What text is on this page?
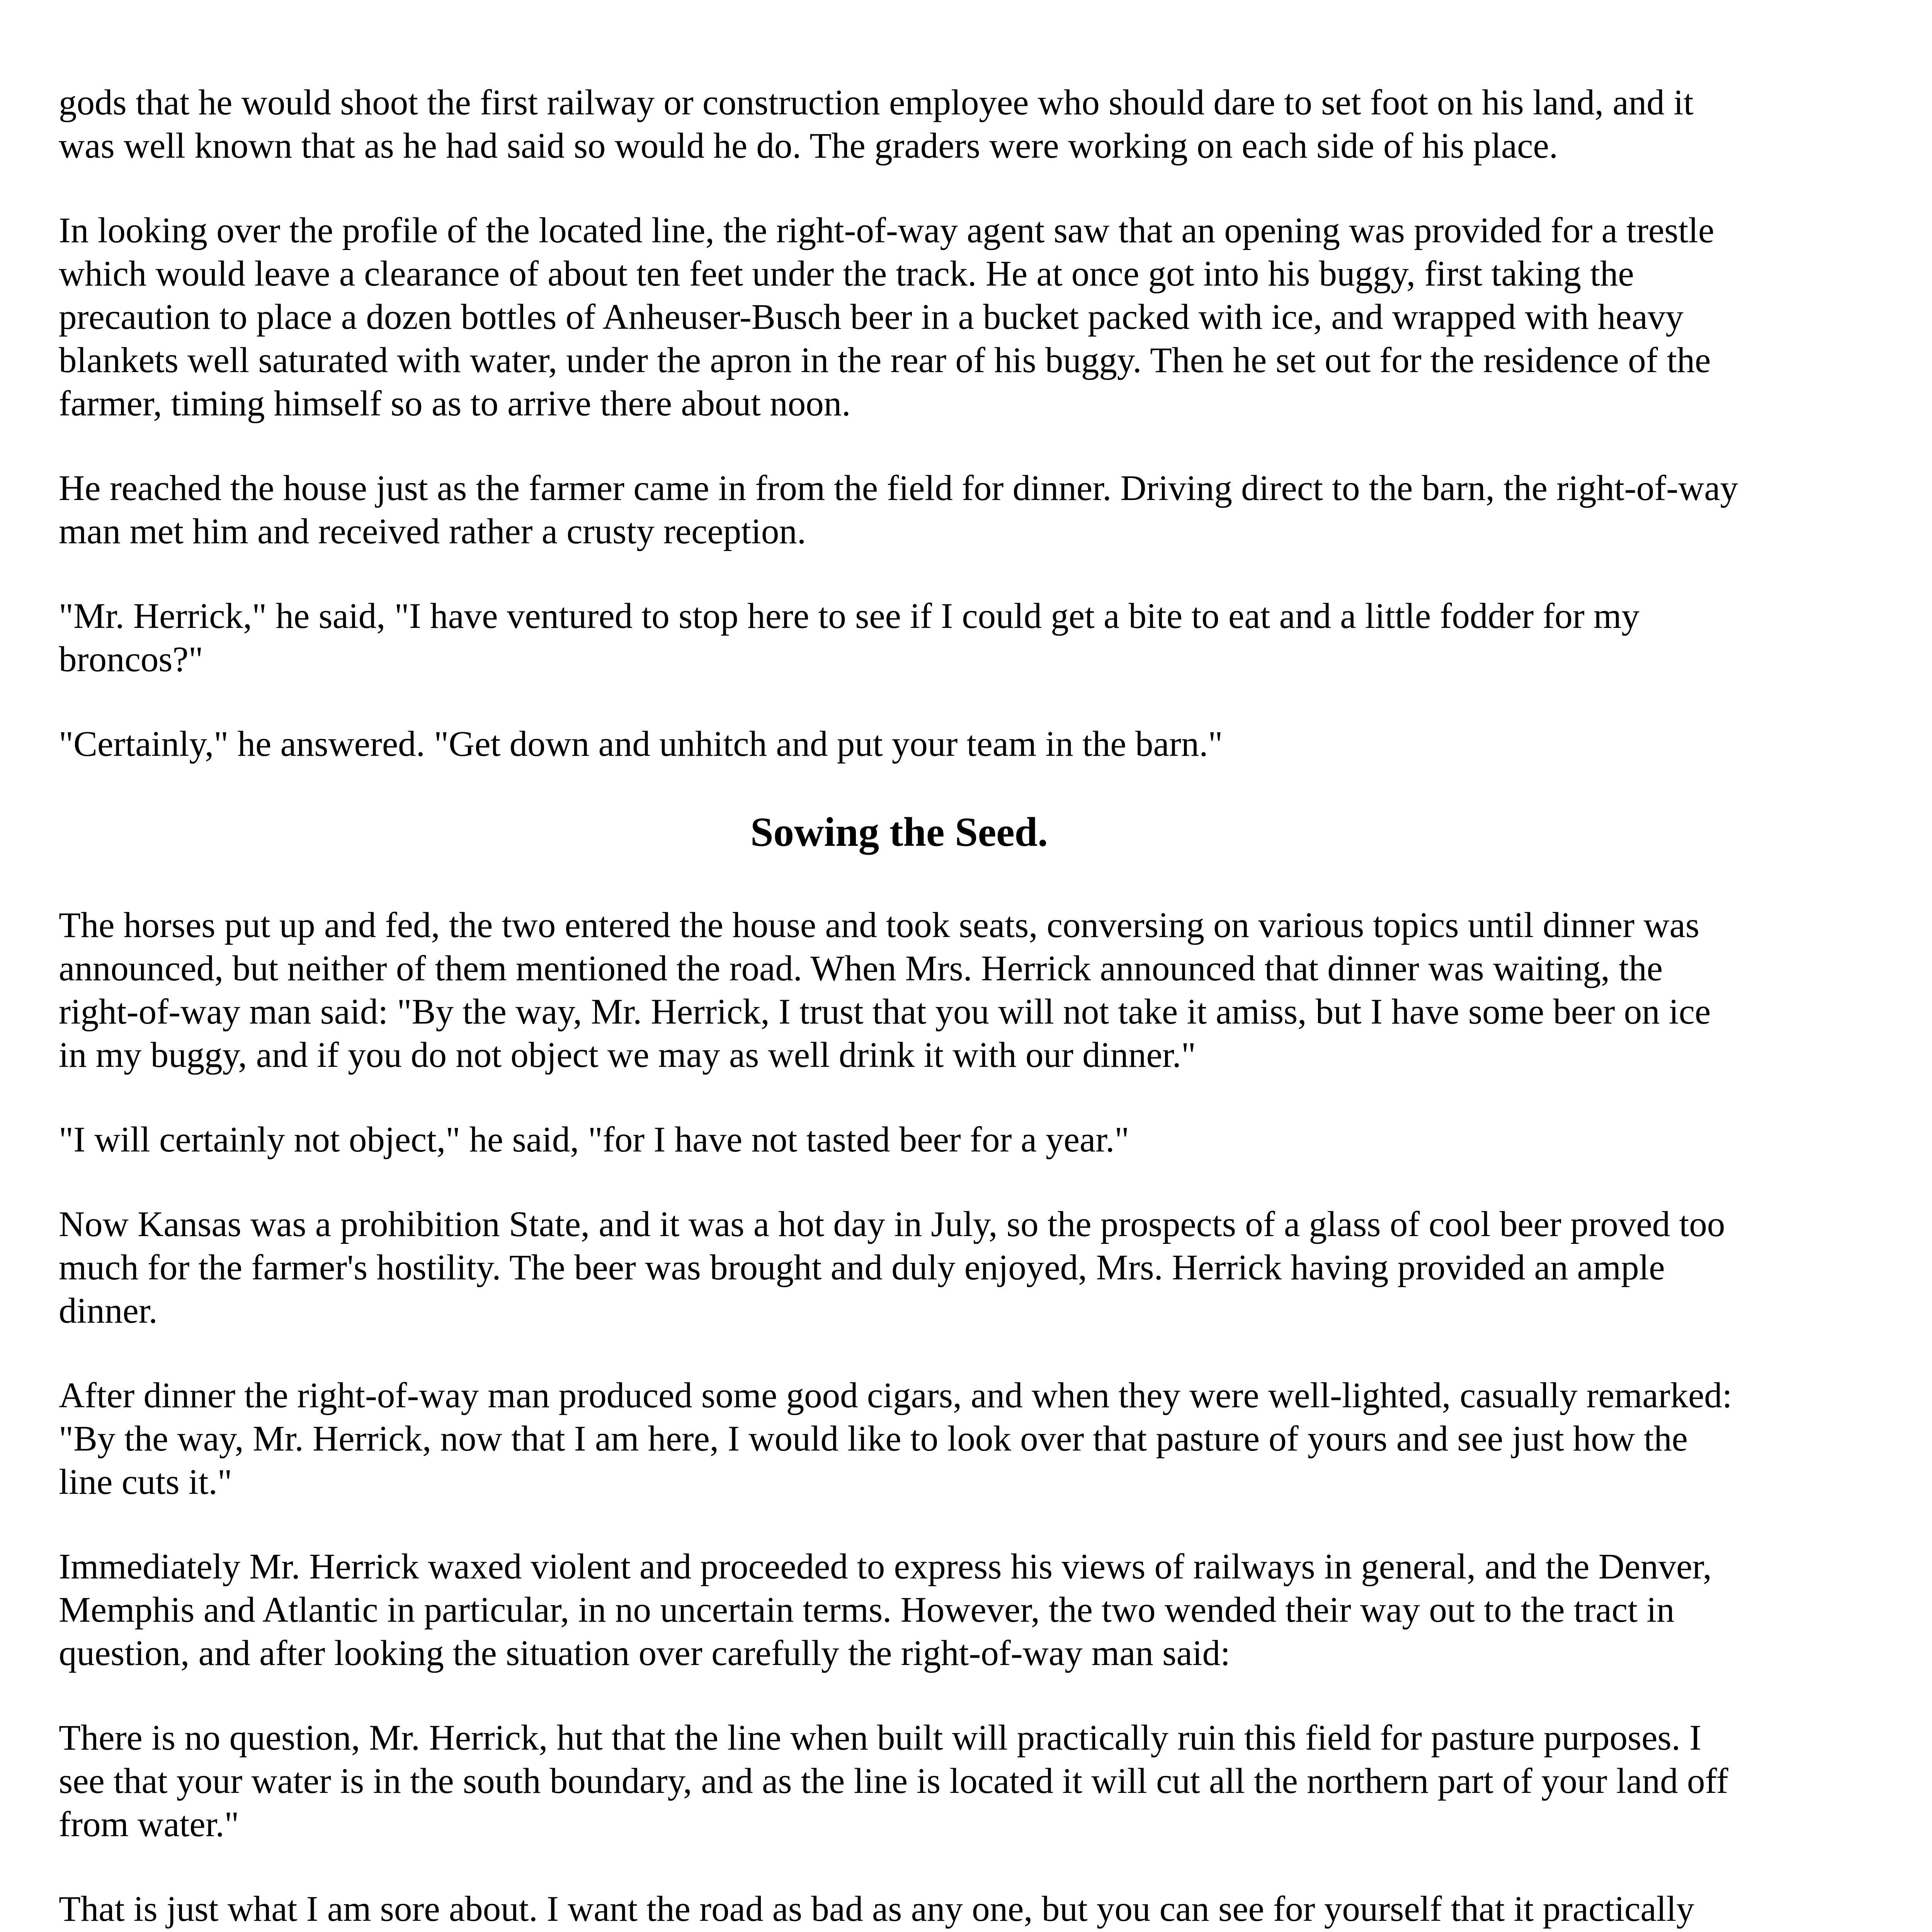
gods that he would shoot the first railway or construction employee who should dare to set foot on his land, and it was well known that as he had said so would he do. The graders were working on each side of his place.

In looking over the profile of the located line, the right-of-way agent saw that an opening was provided for a trestle which would leave a clearance of about ten feet under the track. He at once got into his buggy, first taking the precaution to place a dozen bottles of Anheuser-Busch beer in a bucket packed with ice, and wrapped with heavy blankets well saturated with water, under the apron in the rear of his buggy. Then he set out for the residence of the farmer, timing himself so as to arrive there about noon.

He reached the house just as the farmer came in from the field for dinner. Driving direct to the barn, the right-of-way man met him and received rather a crusty reception.

"Mr. Herrick," he said, "I have ventured to stop here to see if I could get a bite to eat and a little fodder for my broncos?"

"Certainly," he answered. "Get down and unhitch and put your team in the barn."

Sowing the Seed.

The horses put up and fed, the two entered the house and took seats, conversing on various topics until dinner was announced, but neither of them mentioned the road. When Mrs. Herrick announced that dinner was waiting, the right-of-way man said: "By the way, Mr. Herrick, I trust that you will not take it amiss, but I have some beer on ice in my buggy, and if you do not object we may as well drink it with our dinner."

"I will certainly not object," he said, "for I have not tasted beer for a year."

Now Kansas was a prohibition State, and it was a hot day in July, so the prospects of a glass of cool beer proved too much for the farmer's hostility. The beer was brought and duly enjoyed, Mrs. Herrick having provided an ample dinner.

After dinner the right-of-way man produced some good cigars, and when they were well-lighted, casually remarked: "By the way, Mr. Herrick, now that I am here, I would like to look over that pasture of yours and see just how the line cuts it."

Immediately Mr. Herrick waxed violent and proceeded to express his views of railways in general, and the Denver, Memphis and Atlantic in particular, in no uncertain terms. However, the two wended their way out to the tract in question, and after looking the situation over carefully the right-of-way man said:

There is no question, Mr. Herrick, hut that the line when built will practically ruin this field for pasture purposes. I see that your water is in the south boundary, and as the line is located it will cut all the northern part of your land off from water."

That is just what I am sore about. I want the road as bad as any one, but you can see for yourself that it practically
